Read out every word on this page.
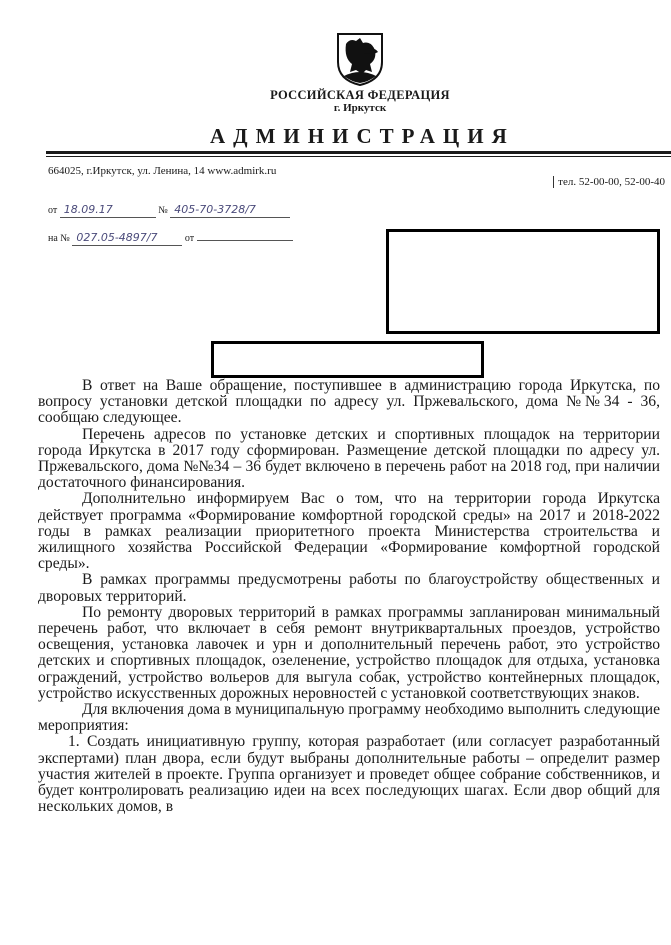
РОССИЙСКАЯ ФЕДЕРАЦИЯ
г. Иркутск
АДМИНИСТРАЦИЯ
664025, г.Иркутск, ул. Ленина, 14 www.admirk.ru
тел. 52-00-00, 52-00-40
от 18.09.17	№ 405-70-3728/7
на № 027.05-4897/7	от

В ответ на Ваше обращение, поступившее в администрацию города Иркутска, по вопросу установки детской площадки по адресу ул. Пржевальского, дома №№34 - 36, сообщаю следующее.

Перечень адресов по установке детских и спортивных площадок на территории города Иркутска в 2017 году сформирован. Размещение детской площадки по адресу ул. Пржевальского, дома №№34 – 36 будет включено в перечень работ на 2018 год, при наличии достаточного финансирования.

Дополнительно информируем Вас о том, что на территории города Иркутска действует программа «Формирование комфортной городской среды» на 2017 и 2018-2022 годы в рамках реализации приоритетного проекта Министерства строительства и жилищного хозяйства Российской Федерации «Формирование комфортной городской среды».

В рамках программы предусмотрены работы по благоустройству общественных и дворовых территорий.

По ремонту дворовых территорий в рамках программы запланирован минимальный перечень работ, что включает в себя ремонт внутриквартальных проездов, устройство освещения, установка лавочек и урн и дополнительный перечень работ, это устройство детских и спортивных площадок, озеленение, устройство площадок для отдыха, установка ограждений, устройство вольеров для выгула собак, устройство контейнерных площадок, устройство искусственных дорожных неровностей с установкой соответствующих знаков.

Для включения дома в муниципальную программу необходимо выполнить следующие мероприятия:

1. Создать инициативную группу, которая разработает (или согласует разработанный экспертами) план двора, если будут выбраны дополнительные работы – определит размер участия жителей в проекте. Группа организует и проведет общее собрание собственников, и будет контролировать реализацию идеи на всех последующих шагах. Если двор общий для нескольких домов, в
